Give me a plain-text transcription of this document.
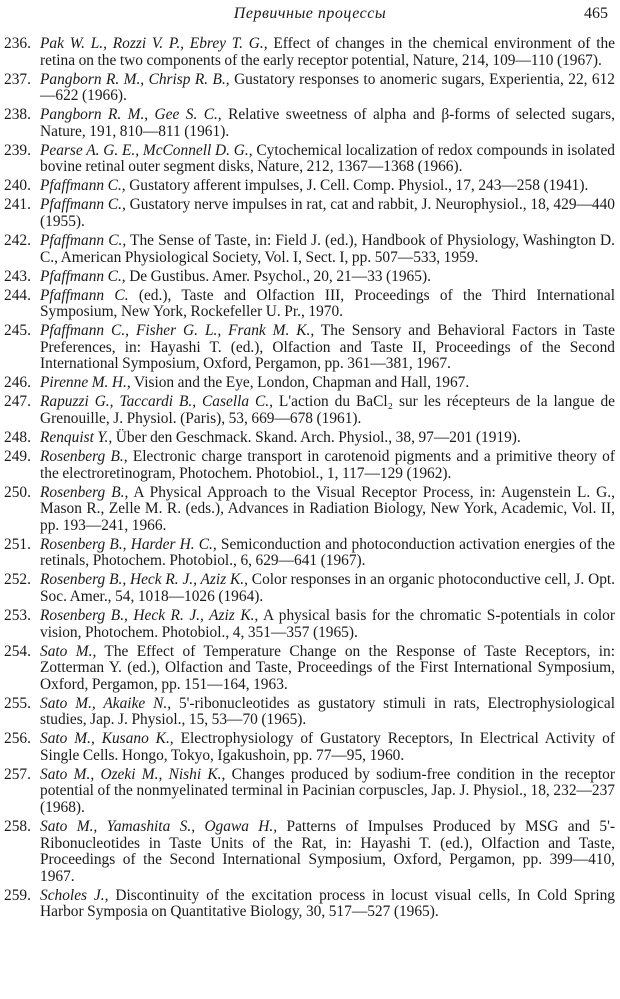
Первичные процессы	465
236. Pak W. L., Rozzi V. P., Ebrey T. G., Effect of changes in the chemical environment of the retina on the two components of the early receptor potential, Nature, 214, 109—110 (1967).
237. Pangborn R. M., Chrisp R. B., Gustatory responses to anomeric sugars, Experientia, 22, 612—622 (1966).
238. Pangborn R. M., Gee S. C., Relative sweetness of alpha and β-forms of selected sugars, Nature, 191, 810—811 (1961).
239. Pearse A. G. E., McConnell D. G., Cytochemical localization of redox compounds in isolated bovine retinal outer segment disks, Nature, 212, 1367—1368 (1966).
240. Pfaffmann C., Gustatory afferent impulses, J. Cell. Comp. Physiol., 17, 243—258 (1941).
241. Pfaffmann C., Gustatory nerve impulses in rat, cat and rabbit, J. Neurophysiol., 18, 429—440 (1955).
242. Pfaffmann C., The Sense of Taste, in: Field J. (ed.), Handbook of Physiology, Washington D. C., American Physiological Society, Vol. I, Sect. I, pp. 507—533, 1959.
243. Pfaffmann C., De Gustibus. Amer. Psychol., 20, 21—33 (1965).
244. Pfaffmann C. (ed.), Taste and Olfaction III, Proceedings of the Third International Symposium, New York, Rockefeller U. Pr., 1970.
245. Pfaffmann C., Fisher G. L., Frank M. K., The Sensory and Behavioral Factors in Taste Preferences, in: Hayashi T. (ed.), Olfaction and Taste II, Proceedings of the Second International Symposium, Oxford, Pergamon, pp. 361—381, 1967.
246. Pirenne M. H., Vision and the Eye, London, Chapman and Hall, 1967.
247. Rapuzzi G., Taccardi B., Casella C., L'action du BaCl₂ sur les récepteurs de la langue de Grenouille, J. Physiol. (Paris), 53, 669—678 (1961).
248. Renquist Y., Über den Geschmack. Skand. Arch. Physiol., 38, 97—201 (1919).
249. Rosenberg B., Electronic charge transport in carotenoid pigments and a primitive theory of the electroretinogram, Photochem. Photobiol., 1, 117—129 (1962).
250. Rosenberg B., A Physical Approach to the Visual Receptor Process, in: Augenstein L. G., Mason R., Zelle M. R. (eds.), Advances in Radiation Biology, New York, Academic, Vol. II, pp. 193—241, 1966.
251. Rosenberg B., Harder H. C., Semiconduction and photoconduction activation energies of the retinals, Photochem. Photobiol., 6, 629—641 (1967).
252. Rosenberg B., Heck R. J., Aziz K., Color responses in an organic photoconductive cell, J. Opt. Soc. Amer., 54, 1018—1026 (1964).
253. Rosenberg B., Heck R. J., Aziz K., A physical basis for the chromatic S-potentials in color vision, Photochem. Photobiol., 4, 351—357 (1965).
254. Sato M., The Effect of Temperature Change on the Response of Taste Receptors, in: Zotterman Y. (ed.), Olfaction and Taste, Proceedings of the First International Symposium, Oxford, Pergamon, pp. 151—164, 1963.
255. Sato M., Akaike N., 5'-ribonucleotides as gustatory stimuli in rats, Electrophysiological studies, Jap. J. Physiol., 15, 53—70 (1965).
256. Sato M., Kusano K., Electrophysiology of Gustatory Receptors, In Electrical Activity of Single Cells. Hongo, Tokyo, Igakushoin, pp. 77—95, 1960.
257. Sato M., Ozeki M., Nishi K., Changes produced by sodium-free condition in the receptor potential of the nonmyelinated terminal in Pacinian corpuscles, Jap. J. Physiol., 18, 232—237 (1968).
258. Sato M., Yamashita S., Ogawa H., Patterns of Impulses Produced by MSG and 5'-Ribonucleotides in Taste Units of the Rat, in: Hayashi T. (ed.), Olfaction and Taste, Proceedings of the Second International Symposium, Oxford, Pergamon, pp. 399—410, 1967.
259. Scholes J., Discontinuity of the excitation process in locust visual cells, In Cold Spring Harbor Symposia on Quantitative Biology, 30, 517—527 (1965).
